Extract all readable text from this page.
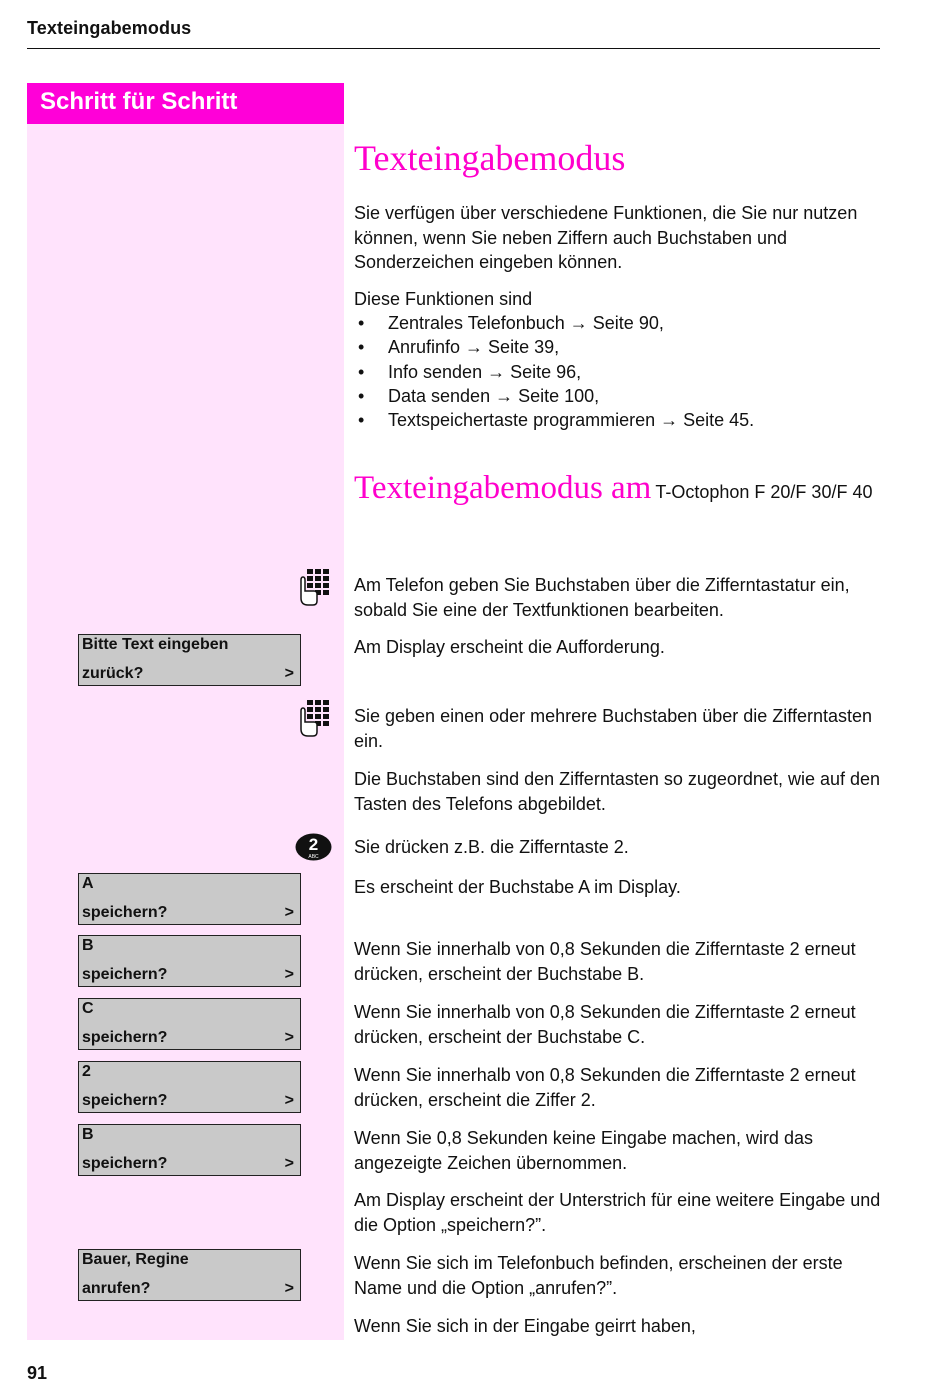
Texteingabemodus
Schritt für Schritt
Texteingabemodus
Sie verfügen über verschiedene Funktionen, die Sie nur nutzen können, wenn Sie neben Ziffern auch Buchstaben und Sonderzeichen eingeben können.
Diese Funktionen sind
• Zentrales Telefonbuch → Seite 90,
• Anrufinfo → Seite 39,
• Info senden → Seite 96,
• Data senden → Seite 100,
• Textspeichertaste programmieren → Seite 45.
Texteingabemodus am T-Octophon F 20/F 30/F 40
Am Telefon geben Sie Buchstaben über die Zifferntastatur ein, sobald Sie eine der Textfunktionen bearbeiten.
Bitte Text eingeben
zurück?	>
Am Display erscheint die Aufforderung.
Sie geben einen oder mehrere Buchstaben über die Zifferntasten ein.
Die Buchstaben sind den Zifferntasten so zugeordnet, wie auf den Tasten des Telefons abgebildet.
2
ABC Sie drücken z.B. die Zifferntaste 2.
A
speichern?	>
Es erscheint der Buchstabe A im Display.
B
speichern?	>
Wenn Sie innerhalb von 0,8 Sekunden die Zifferntaste 2 erneut drücken, erscheint der Buchstabe B.
C
speichern?	>
Wenn Sie innerhalb von 0,8 Sekunden die Zifferntaste 2 erneut drücken, erscheint der Buchstabe C.
2
speichern?	>
Wenn Sie innerhalb von 0,8 Sekunden die Zifferntaste 2 erneut drücken, erscheint die Ziffer 2.
B
speichern?	>
Wenn Sie 0,8 Sekunden keine Eingabe machen, wird das angezeigte Zeichen übernommen.
Am Display erscheint der Unterstrich für eine weitere Eingabe und die Option „speichern?”.
Bauer, Regine
anrufen?	>
Wenn Sie sich im Telefonbuch befinden, erscheinen der erste Name und die Option „anrufen?”.
Wenn Sie sich in der Eingabe geirrt haben,
91
